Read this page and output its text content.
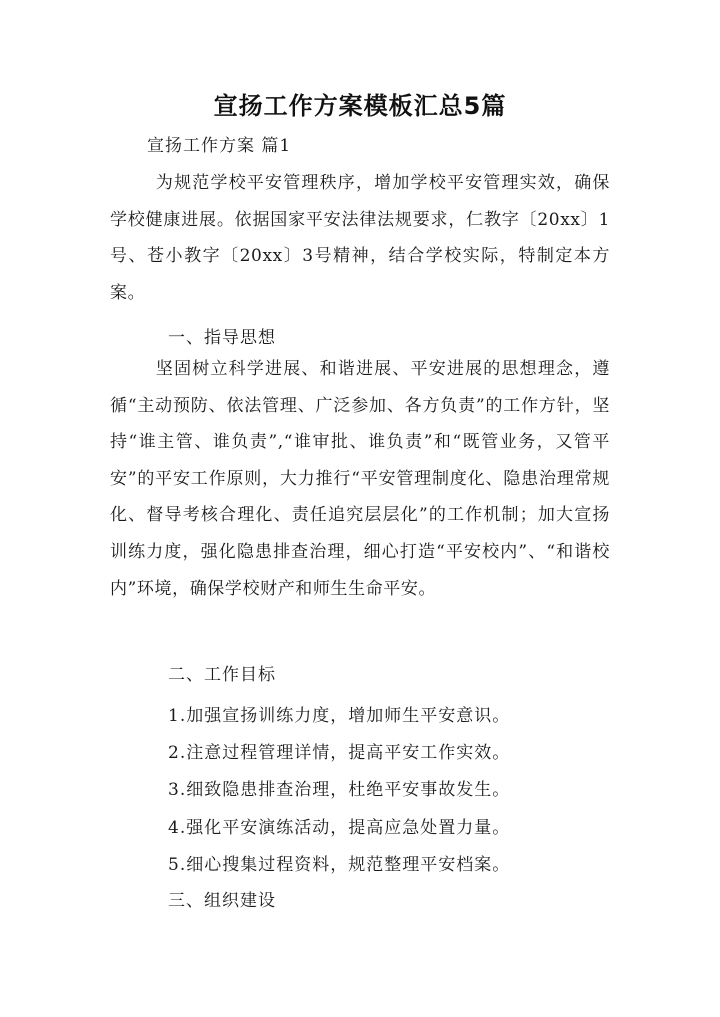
宣扬工作方案模板汇总5篇
宣扬工作方案 篇1
为规范学校平安管理秩序，增加学校平安管理实效，确保学校健康进展。依据国家平安法律法规要求，仁教字〔20xx〕1号、苍小教字〔20xx〕3号精神，结合学校实际，特制定本方案。
一、指导思想
坚固树立科学进展、和谐进展、平安进展的思想理念，遵循“主动预防、依法管理、广泛参加、各方负责”的工作方针，坚持“谁主管、谁负责”,“谁审批、谁负责”和“既管业务，又管平安”的平安工作原则，大力推行“平安管理制度化、隐患治理常规化、督导考核合理化、责任追究层层化”的工作机制；加大宣扬训练力度，强化隐患排查治理，细心打造“平安校内”、“和谐校内”环境，确保学校财产和师生生命平安。
二、工作目标
1.加强宣扬训练力度，增加师生平安意识。
2.注意过程管理详情，提高平安工作实效。
3.细致隐患排查治理，杜绝平安事故发生。
4.强化平安演练活动，提高应急处置力量。
5.细心搜集过程资料，规范整理平安档案。
三、组织建设
